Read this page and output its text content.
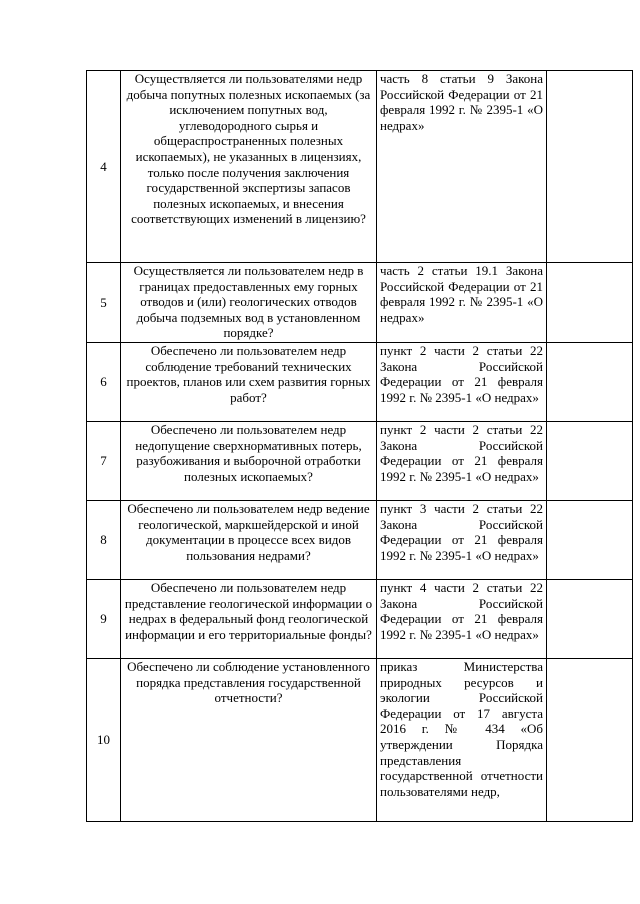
4	Осуществляется ли пользователями недр добыча попутных полезных ископаемых (за исключением попутных вод, углеводородного сырья и общераспространенных полезных ископаемых), не указанных в лицензиях, только после получения заключения государственной экспертизы запасов полезных ископаемых, и внесения соответствующих изменений в лицензию?	часть 8 статьи 9 Закона Российской Федерации от 21 февраля 1992 г. № 2395-1 «О недрах»	
5	Осуществляется ли пользователем недр в границах предоставленных ему горных отводов и (или) геологических отводов добыча подземных вод в установленном порядке?	часть 2 статьи 19.1 Закона Российской Федерации от 21 февраля 1992 г. № 2395-1 «О недрах»	
6	Обеспечено ли пользователем недр соблюдение требований технических проектов, планов или схем развития горных работ?	пункт 2 части 2 статьи 22 Закона Российской Федерации от 21 февраля 1992 г. № 2395-1 «О недрах»	
7	Обеспечено ли пользователем недр недопущение сверхнормативных потерь, разубоживания и выборочной отработки полезных ископаемых?	пункт 2 части 2 статьи 22 Закона Российской Федерации от 21 февраля 1992 г. № 2395-1 «О недрах»	
8	Обеспечено ли пользователем недр ведение геологической, маркшейдерской и иной документации в процессе всех видов пользования недрами?	пункт 3 части 2 статьи 22 Закона Российской Федерации от 21 февраля 1992 г. № 2395-1 «О недрах»	
9	Обеспечено ли пользователем недр представление геологической информации о недрах в федеральный фонд геологической информации и его территориальные фонды?	пункт 4 части 2 статьи 22 Закона Российской Федерации от 21 февраля 1992 г. № 2395-1 «О недрах»	
10	Обеспечено ли соблюдение установленного порядка представления государственной отчетности?	приказ Министерства природных ресурсов и экологии Российской Федерации от 17 августа 2016 г. № 434 «Об утверждении Порядка представления государственной отчетности пользователями недр,	
